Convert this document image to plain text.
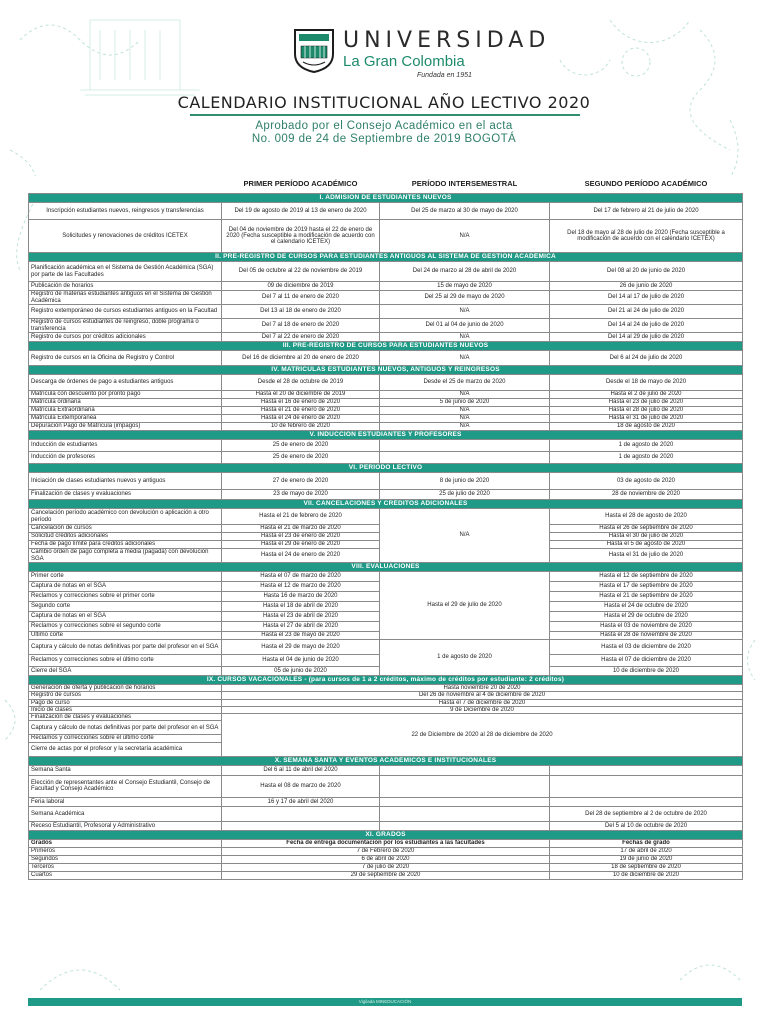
UNIVERSIDAD
La Gran Colombia
Fundada en 1951
CALENDARIO INSTITUCIONAL AÑO LECTIVO 2020
Aprobado por el Consejo Académico en el acta
No. 009 de 24 de Septiembre de 2019 BOGOTÁ
	PRIMER PERÍODO ACADÉMICO	PERÍODO INTERSEMESTRAL	SEGUNDO PERÍODO ACADÉMICO
I. ADMISIÓN DE ESTUDIANTES NUEVOS			
Inscripción estudiantes nuevos, reingresos y transferencias	Del 19 de agosto de 2019 al 13 de enero de 2020	Del 25 de marzo al 30 de mayo de 2020	Del 17 de febrero al 21 de julio de 2020
Solicitudes y renovaciones de créditos ICETEX	Del 04 de noviembre de 2019 hasta el 22 de enero de 2020 (Fecha susceptible a modificación de acuerdo con el calendario ICETEX)	N/A	Del 18 de mayo al 28 de julio de 2020 (Fecha susceptible a modificación de acuerdo con el calendario ICETEX)
II. PRE-REGISTRO DE CURSOS PARA ESTUDIANTES ANTIGUOS AL SISTEMA DE GESTIÓN ACADÉMICA			
Planificación académica en el Sistema de Gestión Académica (SGA) por parte de las Facultades	Del 05 de octubre al 22 de noviembre de 2019	Del 24 de marzo al 28 de abril de 2020	Del 08 al 20 de junio de 2020
Publicación de horarios	09 de diciembre de 2019	15 de mayo de 2020	26 de junio de 2020
Registro de materias estudiantes antiguos en el Sistema de Gestión Académica	Del 7 al 11 de enero de 2020	Del 25 al 29 de mayo de 2020	Del 14 al 17 de julio de 2020
Registro extemporáneo de cursos estudiantes antiguos en la Facultad	Del 13 al 18 de enero de 2020	N/A	Del 21 al 24 de julio de 2020
Registro de cursos estudiantes de reingreso, doble programa o transferencia	Del 7 al 18 de enero de 2020	Del 01 al 04 de junio de 2020	Del 14 al 24 de julio de 2020
Registro de cursos por créditos adicionales	Del 7 al 22 de enero de 2020	N/A	Del 14 al 29 de julio de 2020
III. PRE-REGISTRO DE CURSOS PARA ESTUDIANTES NUEVOS			
Registro de cursos en la Oficina de Registro y Control	Del 16 de diciembre al 20 de enero de 2020	N/A	Del 6 al 24 de julio de 2020
IV. MATRÍCULAS ESTUDIANTES NUEVOS, ANTIGUOS Y REINGRESOS			
Descarga de órdenes de pago a estudiantes antiguos	Desde el 28 de octubre de 2019	Desde el 25 de marzo de 2020	Desde el 18 de mayo de 2020
Matrícula con descuento por pronto pago	Hasta el 20 de diciembre de 2019	N/A	Hasta el 2 de julio de 2020
Matrícula ordinaria	Hasta el 16 de enero de 2020	5 de junio de 2020	Hasta el 23 de julio de 2020
Matrícula Extraordinaria	Hasta el 21 de enero de 2020	N/A	Hasta el 28 de julio de 2020
Matrícula Extemporánea	Hasta el 24 de enero de 2020	N/A	Hasta el 31 de julio de 2020
Depuración Pago de Matrícula (impagos)	10 de febrero de 2020	N/A	18 de agosto de 2020
V. INDUCCIÓN ESTUDIANTES Y PROFESORES			
Inducción de estudiantes	25 de enero de 2020		1 de agosto de 2020
Inducción de profesores	25 de enero de 2020		1 de agosto de 2020
VI. PERÍODO LECTIVO			
Iniciación de clases estudiantes nuevos y antiguos	27 de enero de 2020	8 de junio de 2020	03 de agosto de 2020
Finalización de clases y evaluaciones	23 de mayo de 2020	25 de julio de 2020	28 de noviembre de 2020
VII. CANCELACIONES Y CRÉDITOS ADICIONALES			
Cancelación período académico con devolución o aplicación a otro período	Hasta el 21 de febrero de 2020	N/A	Hasta el 28 de agosto de 2020
Cancelación de cursos	Hasta el 21 de marzo de 2020		Hasta el 26 de septiembre de 2020
Solicitud créditos adicionales	Hasta el 23 de enero de 2020		Hasta el 30 de julio de 2020
Fecha de pago límite para créditos adicionales	Hasta el 29 de enero de 2020		Hasta el 5 de agosto de 2020
Cambio orden de pago completa a media (pagada) con devolución SGA	Hasta el 24 de enero de 2020		Hasta el 31 de julio de 2020
VIII. EVALUACIONES			
Primer corte	Hasta el 07 de marzo de 2020	Hasta el 29 de julio de 2020	Hasta el 12 de septiembre de 2020
Captura de notas en el SGA	Hasta el 12 de marzo de 2020		Hasta el 17 de septiembre de 2020
Reclamos y correcciones sobre el primer corte	Hasta 16 de marzo de 2020		Hasta el 21 de septiembre de 2020
Segundo corte	Hasta el 18 de abril de 2020		Hasta el 24 de octubre de 2020
Captura de notas en el SGA	Hasta el 23 de abril de 2020		Hasta el 29 de octubre de 2020
Reclamos y correcciones sobre el segundo corte	Hasta el 27 de abril de 2020		Hasta el 03 de noviembre de 2020
Último corte	Hasta el 23 de mayo de 2020		Hasta el 28 de noviembre de 2020
Captura y cálculo de notas definitivas por parte del profesor en el SGA	Hasta el 29 de mayo de 2020	1 de agosto de 2020	Hasta el 03 de diciembre de 2020
Reclamos y correcciones sobre el último corte	Hasta el 04 de junio de 2020		Hasta el 07 de diciembre de 2020
Cierre del SGA	05 de junio de 2020		10 de diciembre de 2020
IX. CURSOS VACACIONALES - (para cursos de 1 a 2 créditos, máximo de créditos por estudiante: 2 créditos)			
Generación de oferta y publicación de horarios	Hasta noviembre 20 de 2020		
Registro de cursos	Del 26 de noviembre al 4 de diciembre de 2020		
Pago de curso	Hasta el 7 de diciembre de 2020		
Inicio de clases	9 de Diciembre de 2020		
Finalización de clases y evaluaciones	22 de Diciembre de 2020 al 28 de diciembre de 2020		
Captura y cálculo de notas definitivas por parte del profesor en el SGA			
Reclamos y correcciones sobre el último corte			
Cierre de actas por el profesor y la secretaría académica			
X. SEMANA SANTA Y EVENTOS ACADÉMICOS E INSTITUCIONALES			
Semana Santa	Del 6 al 11 de abril del 2020		
Elección de representantes ante el Consejo Estudiantil, Consejo de Facultad y Consejo Académico	Hasta el 08 de marzo de 2020		
Feria laboral	16 y 17 de abril del 2020		
Semana Académica			Del 28 de septiembre al 2 de octubre de 2020
Receso Estudiantil, Profesoral y Administrativo			Del 5 al 10 de octubre de 2020
XI. GRADOS			
Grados	Fecha de entrega documentación por los estudiantes a las facultades		Fechas de grado
Primeros	7 de Febrero de 2020		17 de abril de 2020
Segundos	6 de abril de 2020		19 de junio de 2020
Terceros	7 de julio de 2020		18 de septiembre de 2020
Cuartos	29 de septiembre de 2020		10 de diciembre de 2020
Vigilada MINEDUCACIÓN
